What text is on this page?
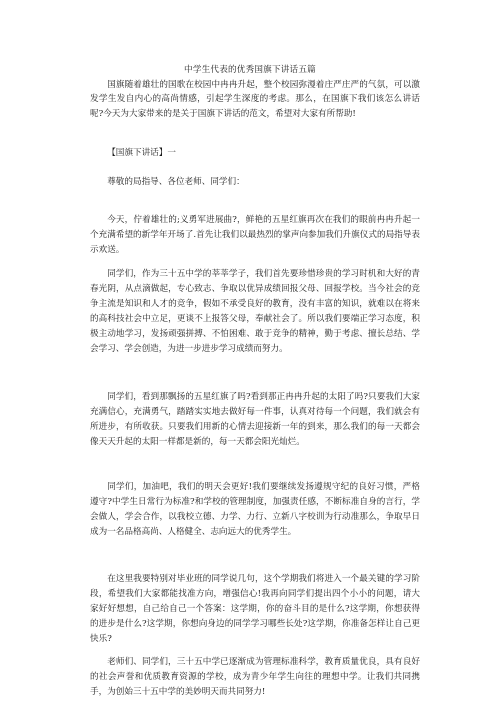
中学生代表的优秀国旗下讲话五篇

国旗随着雄壮的国歌在校园中冉冉升起，整个校园弥漫着庄严庄严的气氛，可以激发学生发自内心的高尚情感，引起学生深度的考虑。那么，在国旗下我们该怎么讲话呢?今天为大家带来的是关于国旗下讲话的范文，希望对大家有所帮助!

【国旗下讲话】一

尊敬的局指导、各位老师、同学们：

今天，佇着雄壮的;义勇军进展曲?，鲜艳的五星红旗再次在我们的眼前冉冉升起一个充满希望的新学年开场了.首先让我们以最热烈的掌声向参加我们升旗仪式的局指导表示欢送。

同学们，作为三十五中学的莘莘学子，我们首先要珍惜珍贵的学习时机和大好的青春光阴，从点滴做起，专心致志、争取以优异成绩回报父母、回报学校。当今社会的竞争主流是知识和人才的竞争，假如不承受良好的教育，没有丰富的知识，就难以在将来的高科技社会中立足，更谈不上报答父母，奉献社会了。所以我们要端正学习态度，积极主动地学习，发扬顽强拼搏、不怕困难、敢于竞争的精神，勤于考虑、擅长总结、学会学习、学会创造，为进一步进步学习成绩而努力。

同学们，看到那飘扬的五星红旗了吗?看到那正冉冉升起的太阳了吗?只要我们大家充满信心，充满勇气，踏踏实实地去做好每一件事，认真对待每一个问题，我们就会有所进步，有所收获。只要我们用新的心情去迎接新一年的到来，那么我们的每一天都会像天天升起的太阳一样都是新的，每一天都会阳光灿烂。

同学们，加油吧，我们的明天会更好!我们要继续发扬遵规守纪的良好习惯，严格遵守?中学生日常行为标准?和学校的管理制度，加强责任感，不断标准自身的言行，学会做人，学会合作，以我校立德、力学、力行、立新八字校训为行动准那么，争取早日成为一名品格高尚、人格健全、志向远大的优秀学生。

在这里我要特别对毕业班的同学说几句，这个学期我们将进入一个最关键的学习阶段，希望我们大家都能找准方向，增强信心!我再向同学们提出四个小小的问题，请大家好好想想，自己给自己一个答案：这学期，你的奋斗目的是什么?这学期，你想获得的进步是什么?这学期，你想向身边的同学学习哪些长处?这学期，你准备怎样让自己更快乐?

老师们、同学们，三十五中学已逐渐成为管理标准科学，教育质量优良，具有良好的社会声誉和优质教育资源的学校，成为青少年学生向往的理想中学。让我们共同携手，为创始三十五中学的美妙明天而共同努力!
